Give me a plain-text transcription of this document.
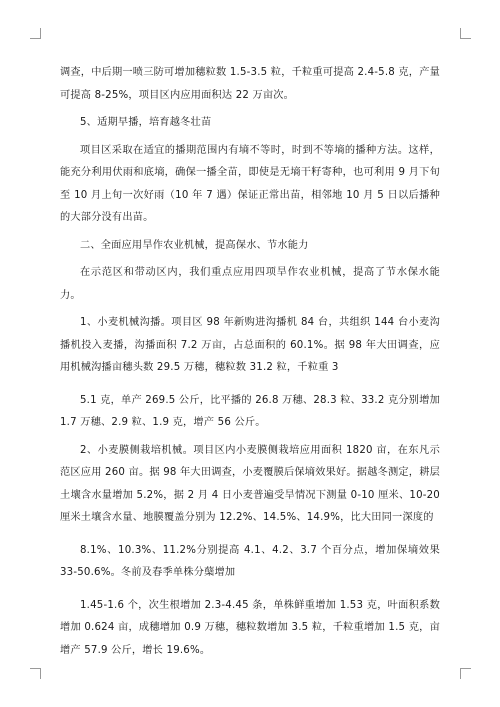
调查，中后期一喷三防可增加穗粒数 1.5-3.5 粒，千粒重可提高 2.4-5.8 克，产量可提高 8-25%，项目区内应用面积达 22 万亩次。

5、适期早播，培育越冬壮苗

项目区采取在适宜的播期范围内有墒不等时，时到不等墒的播种方法。这样，能充分利用伏雨和底墒，确保一播全苗，即使是无墒干籽寄种，也可利用 9 月下旬至 10 月上旬一次好雨（10 年 7 遇）保证正常出苗，相邻地 10 月 5 日以后播种的大部分没有出苗。

二、全面应用旱作农业机械，提高保水、节水能力

在示范区和带动区内，我们重点应用四项旱作农业机械，提高了节水保水能力。

1、小麦机械沟播。项目区 98 年新购进沟播机 84 台，共组织 144 台小麦沟播机投入麦播，沟播面积 7.2 万亩，占总面积的 60.1%。据 98 年大田调查，应用机械沟播亩穗头数 29.5 万穗，穗粒数 31.2 粒，千粒重 3

5.1 克，单产 269.5 公斤，比平播的 26.8 万穗、28.3 粒、33.2 克分别增加 1.7 万穗、2.9 粒、1.9 克，增产 56 公斤。

2、小麦膜侧栽培机械。项目区内小麦膜侧栽培应用面积 1820 亩，在东凡示范区应用 260 亩。据 98 年大田调查，小麦覆膜后保墒效果好。据越冬测定，耕层土壤含水量增加 5.2%，据 2 月 4 日小麦普遍受旱情况下测量 0-10 厘米、10-20 厘米土壤含水量、地膜覆盖分别为 12.2%、14.5%、14.9%，比大田同一深度的

8.1%、10.3%、11.2%分别提高 4.1、4.2、3.7 个百分点，增加保墒效果 33-50.6%。冬前及春季单株分蘖增加

1.45-1.6 个，次生根增加 2.3-4.45 条，单株鲜重增加 1.53 克，叶面积系数增加 0.624 亩，成穗增加 0.9 万穗，穗粒数增加 3.5 粒，千粒重增加 1.5 克，亩增产 57.9 公斤，增长 19.6%。
